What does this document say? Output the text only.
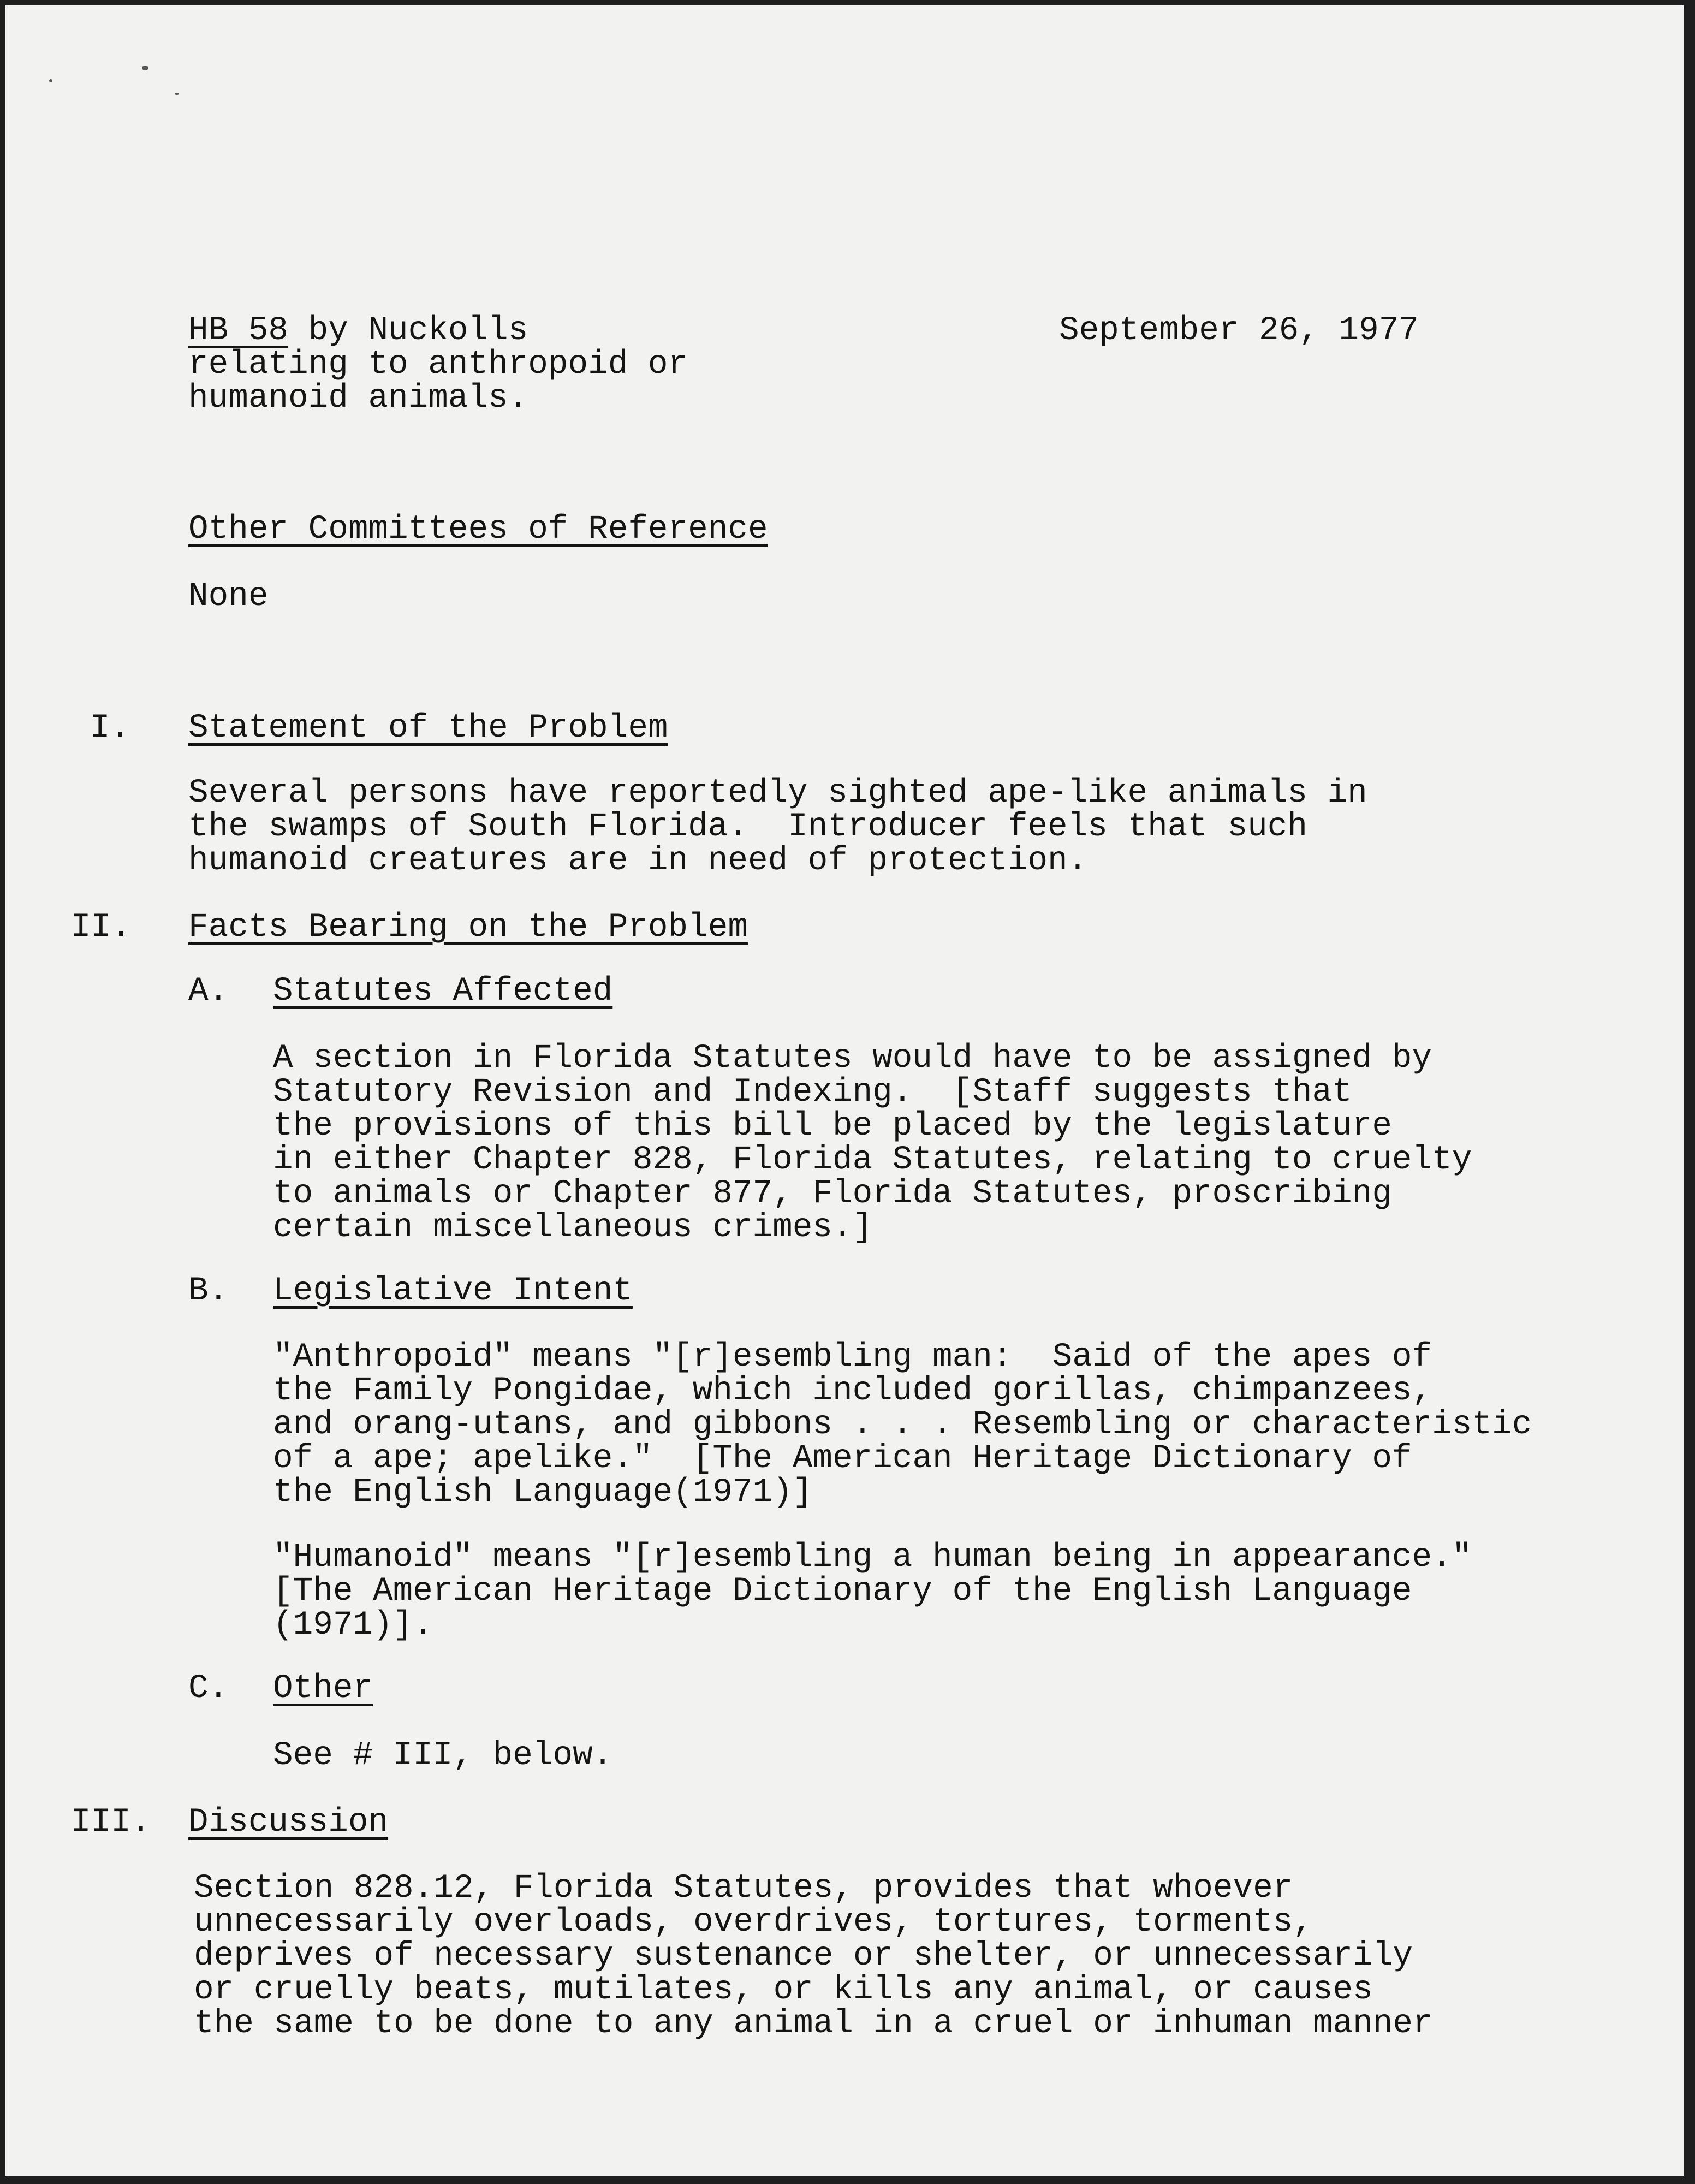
HB 58 by Nuckolls	September 26, 1977
relating to anthropoid or
humanoid animals.
Other Committees of Reference
None
I. Statement of the Problem
Several persons have reportedly sighted ape-like animals in
the swamps of South Florida.  Introducer feels that such
humanoid creatures are in need of protection.
II. Facts Bearing on the Problem
A. Statutes Affected
A section in Florida Statutes would have to be assigned by
Statutory Revision and Indexing.  [Staff suggests that
the provisions of this bill be placed by the legislature
in either Chapter 828, Florida Statutes, relating to cruelty
to animals or Chapter 877, Florida Statutes, proscribing
certain miscellaneous crimes.]
B. Legislative Intent
"Anthropoid" means "[r]esembling man:  Said of the apes of
the Family Pongidae, which included gorillas, chimpanzees,
and orang-utans, and gibbons . . . Resembling or characteristic
of a ape; apelike."  [The American Heritage Dictionary of
the English Language(1971)]
"Humanoid" means "[r]esembling a human being in appearance."
[The American Heritage Dictionary of the English Language
(1971)].
C. Other
See # III, below.
III. Discussion
Section 828.12, Florida Statutes, provides that whoever
unnecessarily overloads, overdrives, tortures, torments,
deprives of necessary sustenance or shelter, or unnecessarily
or cruelly beats, mutilates, or kills any animal, or causes
the same to be done to any animal in a cruel or inhuman manner
